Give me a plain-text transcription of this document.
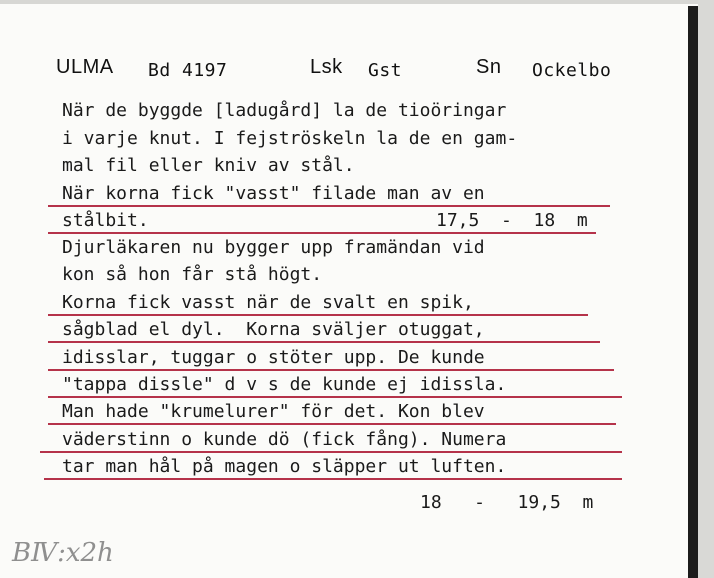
ULMA Bd 4197	Lsk Gst	Sn Ockelbo
När de byggde [ladugård] la de tioöringar
i varje knut. I fejströskeln la de en gam-
mal fil eller kniv av stål.
När korna fick "vasst" filade man av en
stålbit.
Djurläkaren nu bygger upp framändan vid
kon så hon får stå högt.
Korna fick vasst när de svalt en spik,
sågblad el dyl.  Korna sväljer otuggat,
idisslar, tuggar o stöter upp. De kunde
"tappa dissle" d v s de kunde ej idissla.
Man hade "krumelurer" för det. Kon blev
väderstinn o kunde dö (fick fång). Numera
tar man hål på magen o släpper ut luften.
17,5  -  18  m
18   -   19,5  m
BⅣ:x2h
